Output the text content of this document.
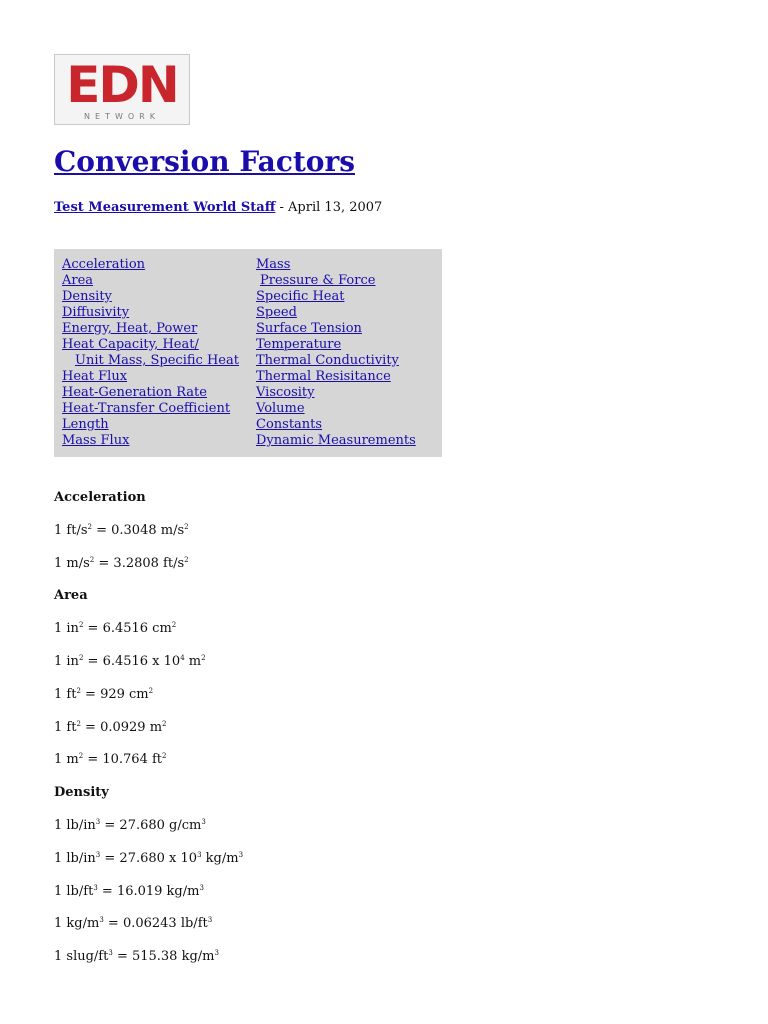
EDN
NETWORK
Conversion Factors
Test Measurement World Staff - April 13, 2007
Acceleration
Area
Density
Diffusivity
Energy, Heat, Power
Heat Capacity, Heat/
Unit Mass, Specific Heat
Heat Flux
Heat-Generation Rate
Heat-Transfer Coefficient
Length
Mass Flux
Mass
Pressure & Force
Specific Heat
Speed
Surface Tension
Temperature
Thermal Conductivity
Thermal Resisitance
Viscosity
Volume
Constants
Dynamic Measurements
Acceleration
1 $ft/s^2 = 0.3048$ $m/s^2$
1 $m/s^2 = 3.2808$ $ft/s^2$
Area
1 $in^2 = 6.4516$ $cm^2$
1 $in^2 = 6.4516$ x $10^4$ $m^2$
1 $ft^2 = 929$ $cm^2$
1 $ft^2 = 0.0929$ $m^2$
1 $m^2 = 10.764$ $ft^2$
Density
1 $lb/in^3 = 27.680$ $g/cm^3$
1 $lb/in^3 = 27.680$ x $10^3$ $kg/m^3$
1 $lb/ft^3 = 16.019$ $kg/m^3$
1 $kg/m^3 = 0.06243$ $lb/ft^3$
1 slug/$ft^3 = 515.38$ $kg/m^3$
